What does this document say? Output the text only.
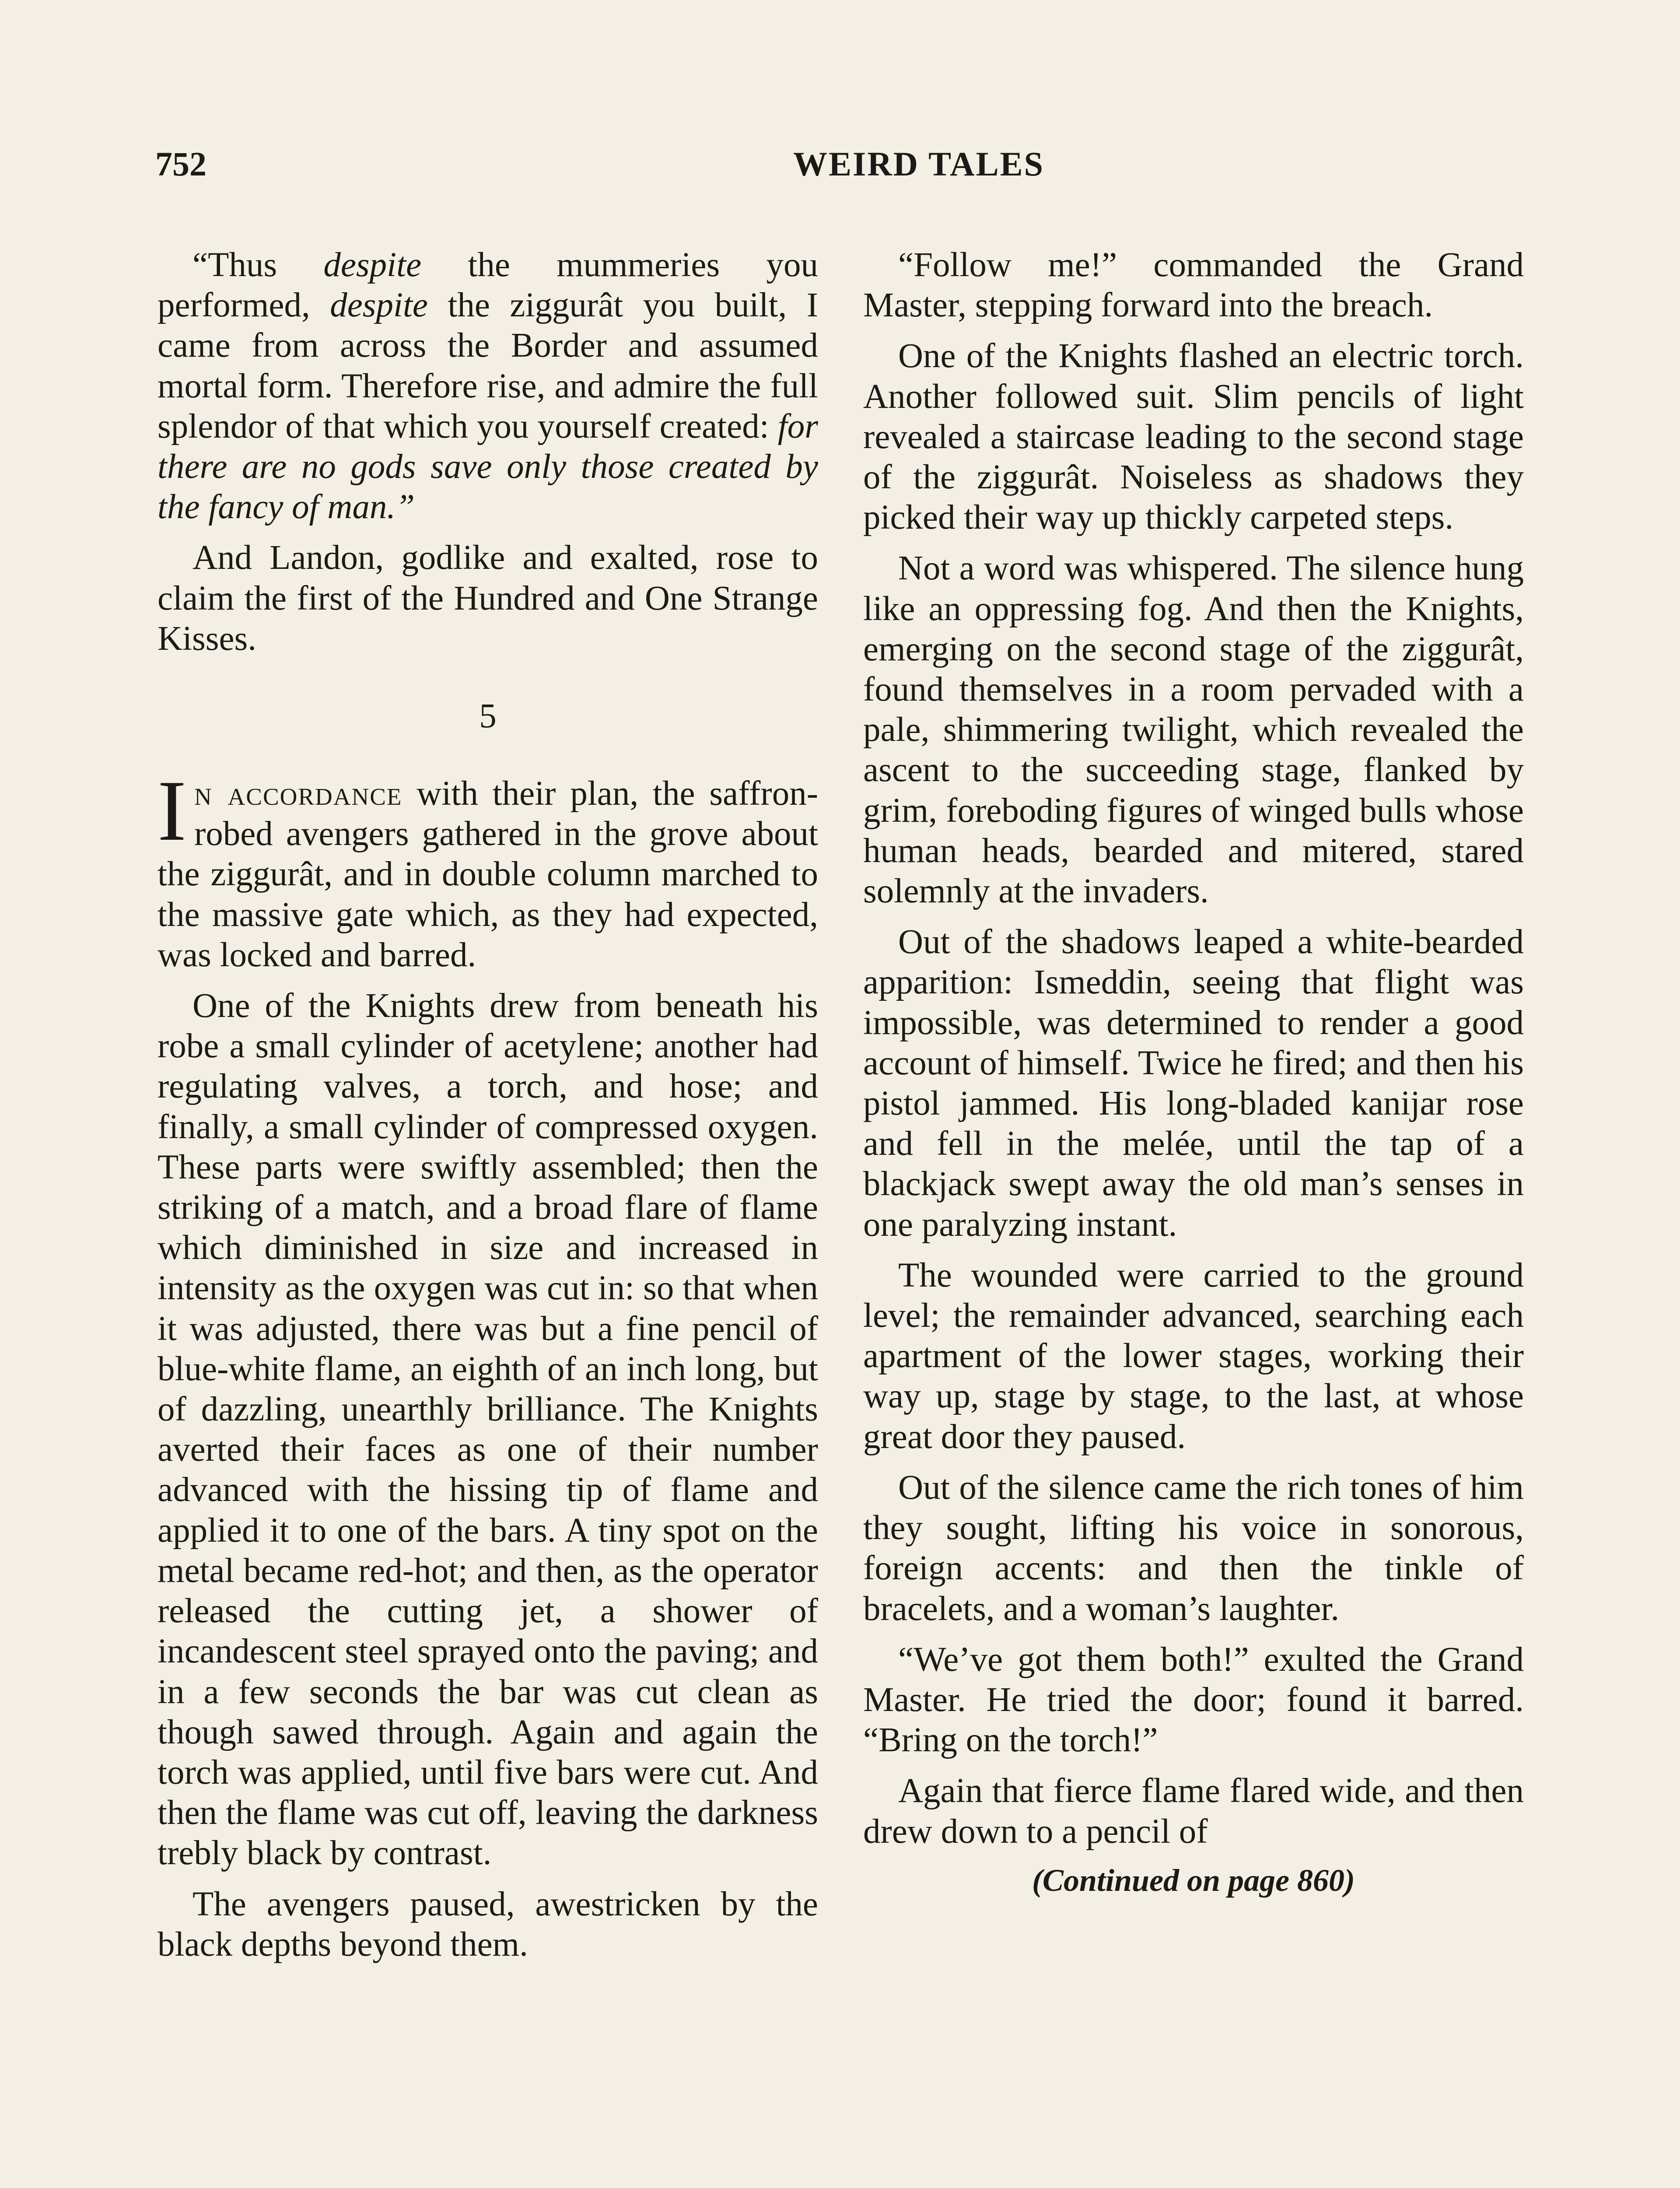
752	WEIRD TALES

“Thus despite the mummeries you performed, despite the ziggurât you built, I came from across the Border and assumed mortal form. Therefore rise, and admire the full splendor of that which you yourself created: for there are no gods save only those created by the fancy of man.”

And Landon, godlike and exalted, rose to claim the first of the Hundred and One Strange Kisses.

5

In accordance with their plan, the saffron-robed avengers gathered in the grove about the ziggurât, and in double column marched to the massive gate which, as they had expected, was locked and barred.

One of the Knights drew from beneath his robe a small cylinder of acetylene; another had regulating valves, a torch, and hose; and finally, a small cylinder of compressed oxygen. These parts were swiftly assembled; then the striking of a match, and a broad flare of flame which diminished in size and increased in intensity as the oxygen was cut in: so that when it was adjusted, there was but a fine pencil of blue-white flame, an eighth of an inch long, but of dazzling, unearthly brilliance. The Knights averted their faces as one of their number advanced with the hissing tip of flame and applied it to one of the bars. A tiny spot on the metal became red-hot; and then, as the operator released the cutting jet, a shower of incandescent steel sprayed onto the paving; and in a few seconds the bar was cut clean as though sawed through. Again and again the torch was applied, until five bars were cut. And then the flame was cut off, leaving the darkness trebly black by contrast.

The avengers paused, awestricken by the black depths beyond them.

“Follow me!” commanded the Grand Master, stepping forward into the breach.

One of the Knights flashed an electric torch. Another followed suit. Slim pencils of light revealed a staircase leading to the second stage of the ziggurât. Noiseless as shadows they picked their way up thickly carpeted steps.

Not a word was whispered. The silence hung like an oppressing fog. And then the Knights, emerging on the second stage of the ziggurât, found themselves in a room pervaded with a pale, shimmering twilight, which revealed the ascent to the succeeding stage, flanked by grim, foreboding figures of winged bulls whose human heads, bearded and mitered, stared solemnly at the invaders.

Out of the shadows leaped a white-bearded apparition: Ismeddin, seeing that flight was impossible, was determined to render a good account of himself. Twice he fired; and then his pistol jammed. His long-bladed kanijar rose and fell in the melée, until the tap of a blackjack swept away the old man’s senses in one paralyzing instant.

The wounded were carried to the ground level; the remainder advanced, searching each apartment of the lower stages, working their way up, stage by stage, to the last, at whose great door they paused.

Out of the silence came the rich tones of him they sought, lifting his voice in sonorous, foreign accents: and then the tinkle of bracelets, and a woman’s laughter.

“We’ve got them both!” exulted the Grand Master. He tried the door; found it barred. “Bring on the torch!”

Again that fierce flame flared wide, and then drew down to a pencil of

(Continued on page 860)
